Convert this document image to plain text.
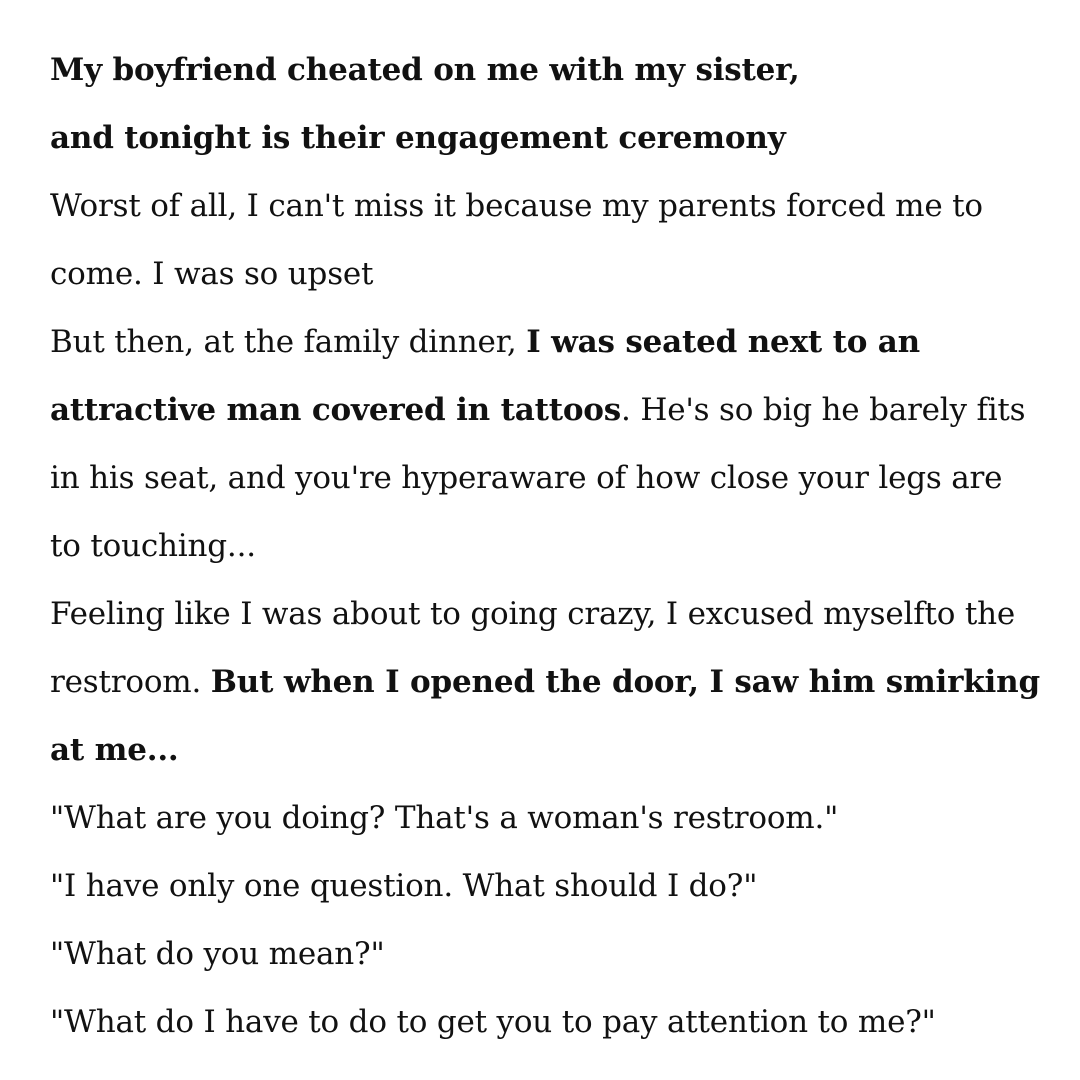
My boyfriend cheated on me with my sister,
and tonight is their engagement ceremony
Worst of all, I can't miss it because my parents forced me to come. I was so upset
But then, at the family dinner, I was seated next to an attractive man covered in tattoos. He's so big he barely fits in his seat, and you're hyperaware of how close your legs are to touching...
Feeling like I was about to going crazy, I excused myselfto the restroom. But when I opened the door, I saw him smirking at me...
"What are you doing? That's a woman's restroom."
"I have only one question. What should I do?"
"What do you mean?"
"What do I have to do to get you to pay attention to me?"
